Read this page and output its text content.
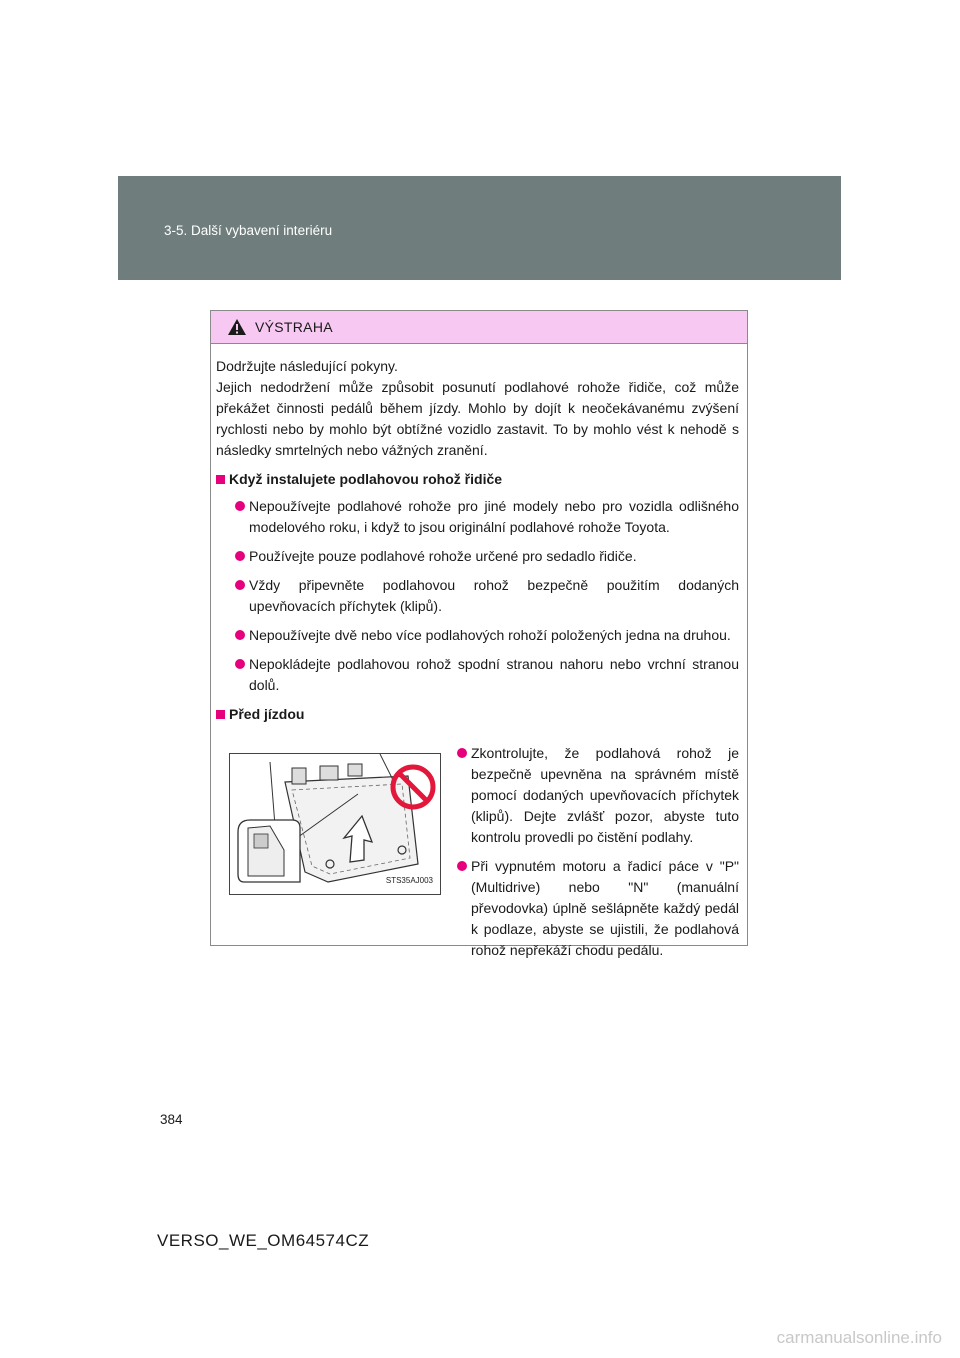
3-5. Další vybavení interiéru
VÝSTRAHA

Dodržujte následující pokyny.

Jejich nedodržení může způsobit posunutí podlahové rohože řidiče, což může překážet činnosti pedálů během jízdy. Mohlo by dojít k neočekávanému zvýšení rychlosti nebo by mohlo být obtížné vozidlo zastavit. To by mohlo vést k nehodě s následky smrtelných nebo vážných zranění.

Když instalujete podlahovou rohož řidiče
Nepoužívejte podlahové rohože pro jiné modely nebo pro vozidla odlišného modelového roku, i když to jsou originální podlahové rohože Toyota.
Používejte pouze podlahové rohože určené pro sedadlo řidiče.
Vždy připevněte podlahovou rohož bezpečně použitím dodaných upevňovacích příchytek (klipů).
Nepoužívejte dvě nebo více podlahových rohoží položených jedna na druhou.
Nepokládejte podlahovou rohož spodní stranou nahoru nebo vrchní stranou dolů.
Před jízdou
STS35AJ003
Zkontrolujte, že podlahová rohož je bezpečně upevněna na správném místě pomocí dodaných upevňovacích příchytek (klipů). Dejte zvlášť pozor, abyste tuto kontrolu provedli po čistění podlahy.
Při vypnutém motoru a řadicí páce v "P" (Multidrive) nebo "N" (manuální převodovka) úplně sešlápněte každý pedál k podlaze, abyste se ujistili, že podlahová rohož nepřekáží chodu pedálu.
384
VERSO_WE_OM64574CZ
carmanualsonline.info
